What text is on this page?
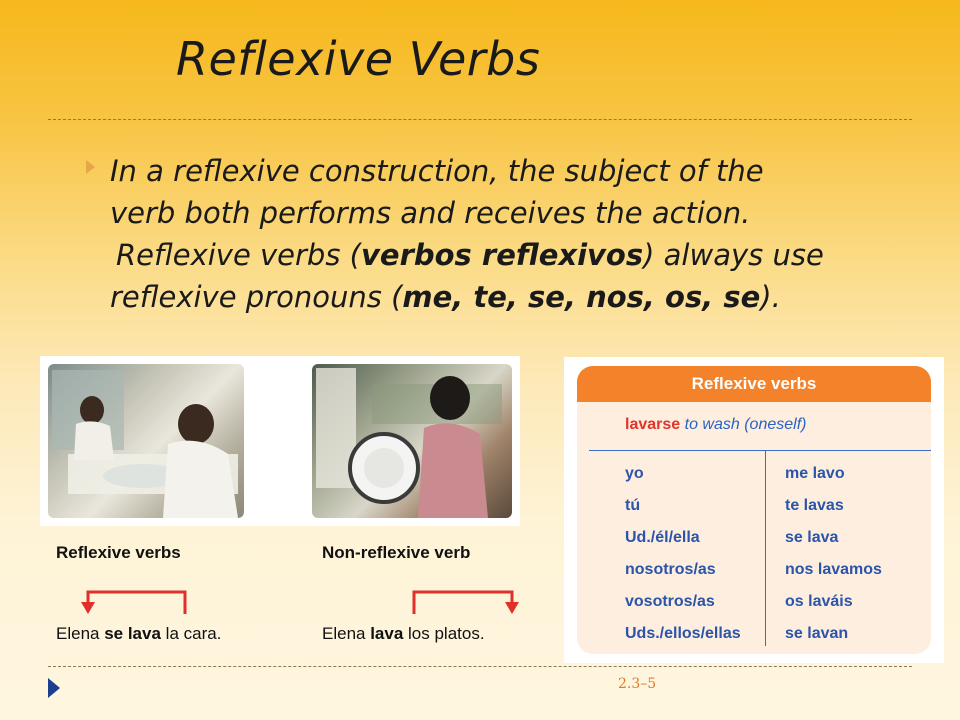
Reflexive Verbs
In a reflexive construction, the subject of the
verb both performs and receives the action.
Reflexive verbs (verbos reflexivos) always use
reflexive pronouns (me, te, se, nos, os, se).
Reflexive verbs	Non-reflexive verb
Elena se lava la cara.	Elena lava los platos.
Reflexive verbs
lavarse to wash (oneself)
yo	me lavo
tú	te lavas
Ud./él/ella	se lava
nosotros/as	nos lavamos
vosotros/as	os laváis
Uds./ellos/ellas	se lavan
2.3–5
